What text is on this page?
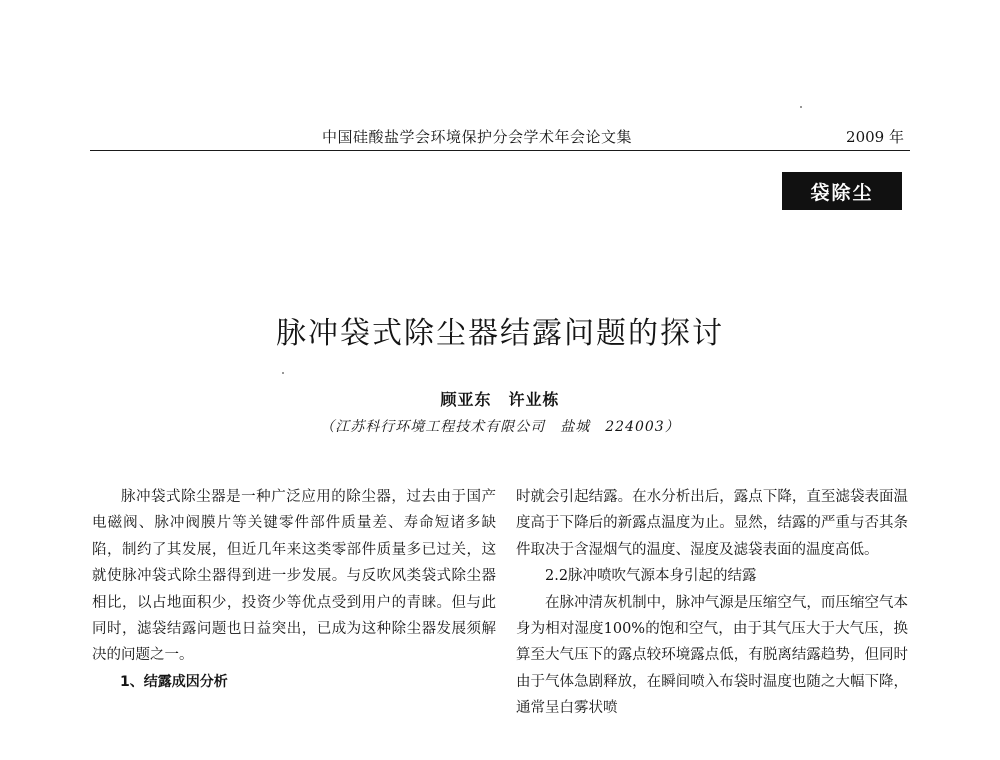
中国硅酸盐学会环境保护分会学术年会论文集	2009 年
袋除尘
脉冲袋式除尘器结露问题的探讨
顾亚东　许业栋
（江苏科行环境工程技术有限公司　盐城　224003）

脉冲袋式除尘器是一种广泛应用的除尘器，过去由于国产电磁阀、脉冲阀膜片等关键零件部件质量差、寿命短诸多缺陷，制约了其发展，但近几年来这类零部件质量多已过关，这就使脉冲袋式除尘器得到进一步发展。与反吹风类袋式除尘器相比，以占地面积少，投资少等优点受到用户的青睐。但与此同时，滤袋结露问题也日益突出，已成为这种除尘器发展须解决的问题之一。

1、结露成因分析

时就会引起结露。在水分析出后，露点下降，直至滤袋表面温度高于下降后的新露点温度为止。显然，结露的严重与否其条件取决于含湿烟气的温度、湿度及滤袋表面的温度高低。

2.2脉冲喷吹气源本身引起的结露

在脉冲清灰机制中，脉冲气源是压缩空气，而压缩空气本身为相对湿度100%的饱和空气，由于其气压大于大气压，换算至大气压下的露点较环境露点低，有脱离结露趋势，但同时由于气体急剧释放，在瞬间喷入布袋时温度也随之大幅下降，通常呈白雾状喷
